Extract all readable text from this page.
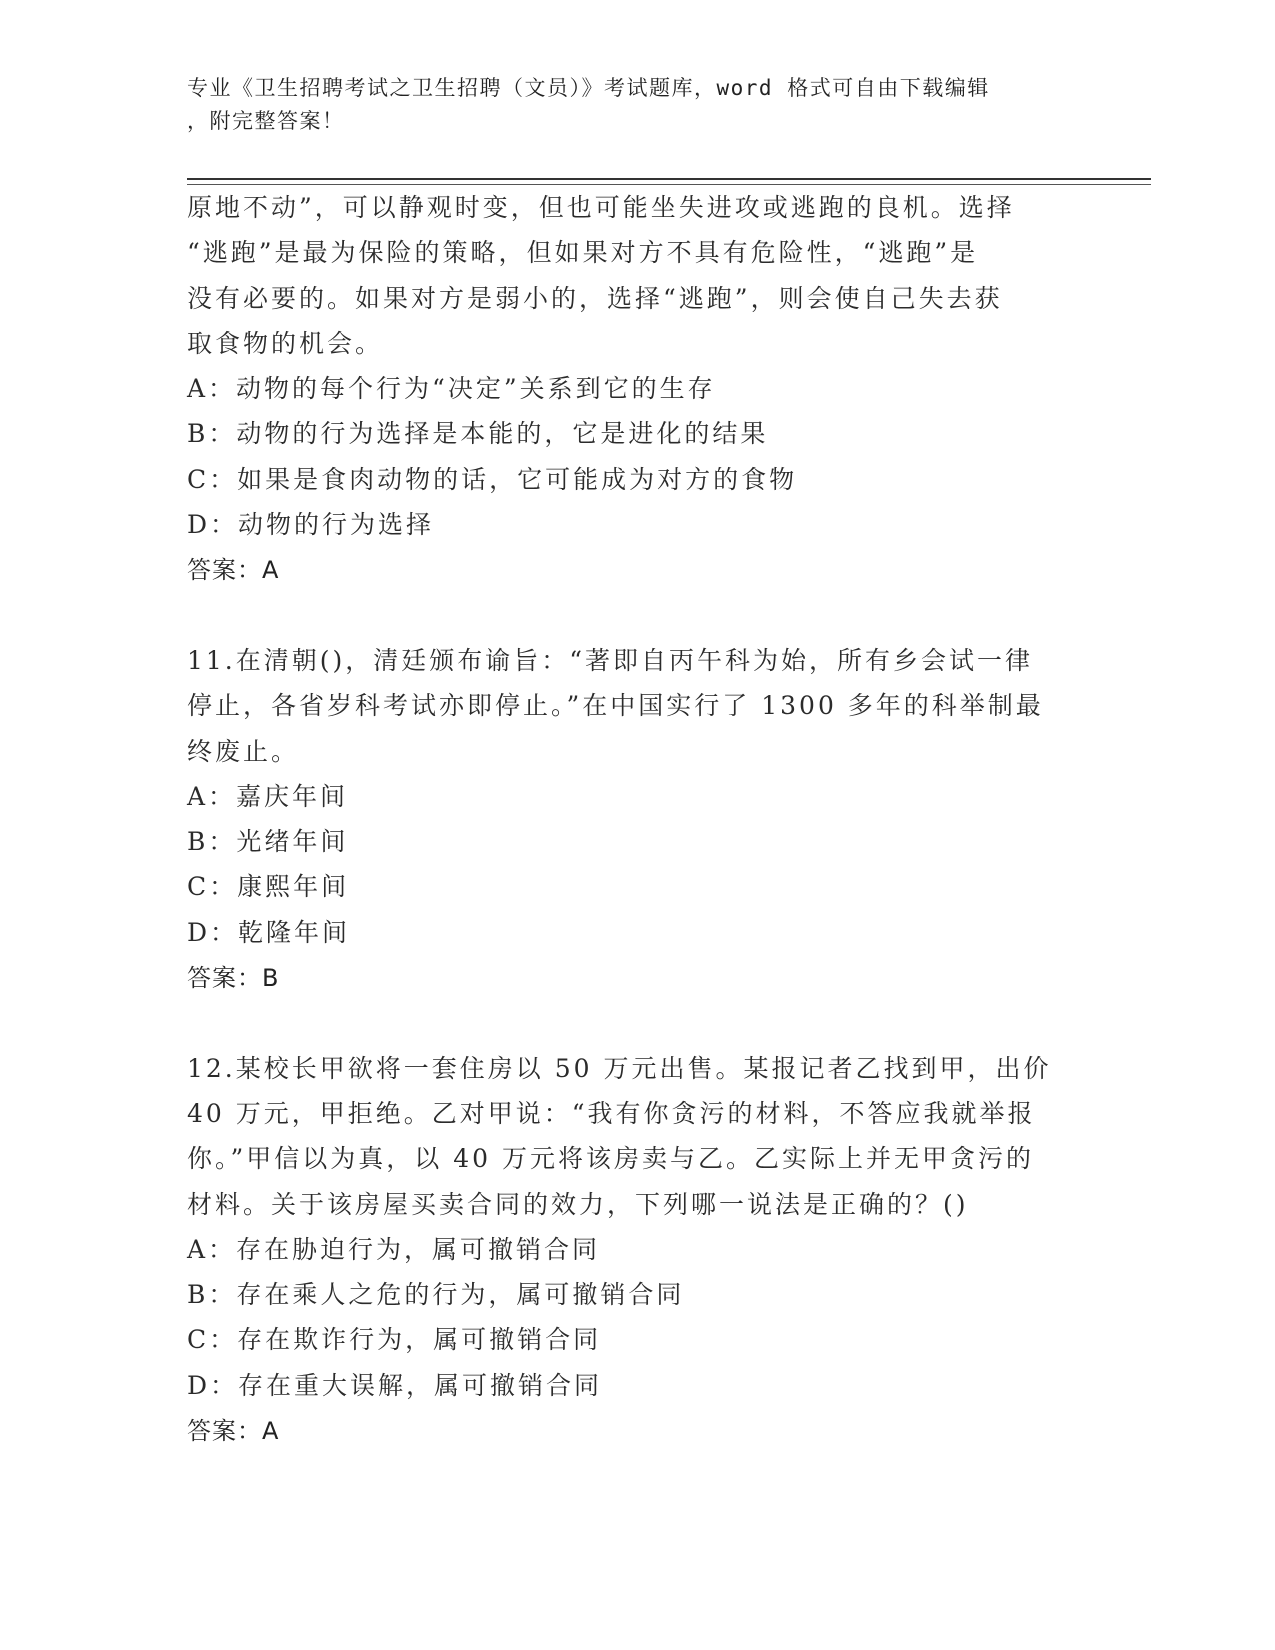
专业《卫生招聘考试之卫生招聘（文员）》考试题库，word 格式可自由下载编辑
，附完整答案！
原地不动”，可以静观时变，但也可能坐失进攻或逃跑的良机。选择
“逃跑”是最为保险的策略，但如果对方不具有危险性，“逃跑”是
没有必要的。如果对方是弱小的，选择“逃跑”，则会使自己失去获
取食物的机会。
A：动物的每个行为“决定”关系到它的生存
B：动物的行为选择是本能的，它是进化的结果
C：如果是食肉动物的话，它可能成为对方的食物
D：动物的行为选择
答案：A
11.在清朝()，清廷颁布谕旨：“著即自丙午科为始，所有乡会试一律
停止，各省岁科考试亦即停止。”在中国实行了 1300 多年的科举制最
终废止。
A：嘉庆年间
B：光绪年间
C：康熙年间
D：乾隆年间
答案：B
12.某校长甲欲将一套住房以 50 万元出售。某报记者乙找到甲，出价
40 万元，甲拒绝。乙对甲说：“我有你贪污的材料，不答应我就举报
你。”甲信以为真，以 40 万元将该房卖与乙。乙实际上并无甲贪污的
材料。关于该房屋买卖合同的效力，下列哪一说法是正确的？()
A：存在胁迫行为，属可撤销合同
B：存在乘人之危的行为，属可撤销合同
C：存在欺诈行为，属可撤销合同
D：存在重大误解，属可撤销合同
答案：A
